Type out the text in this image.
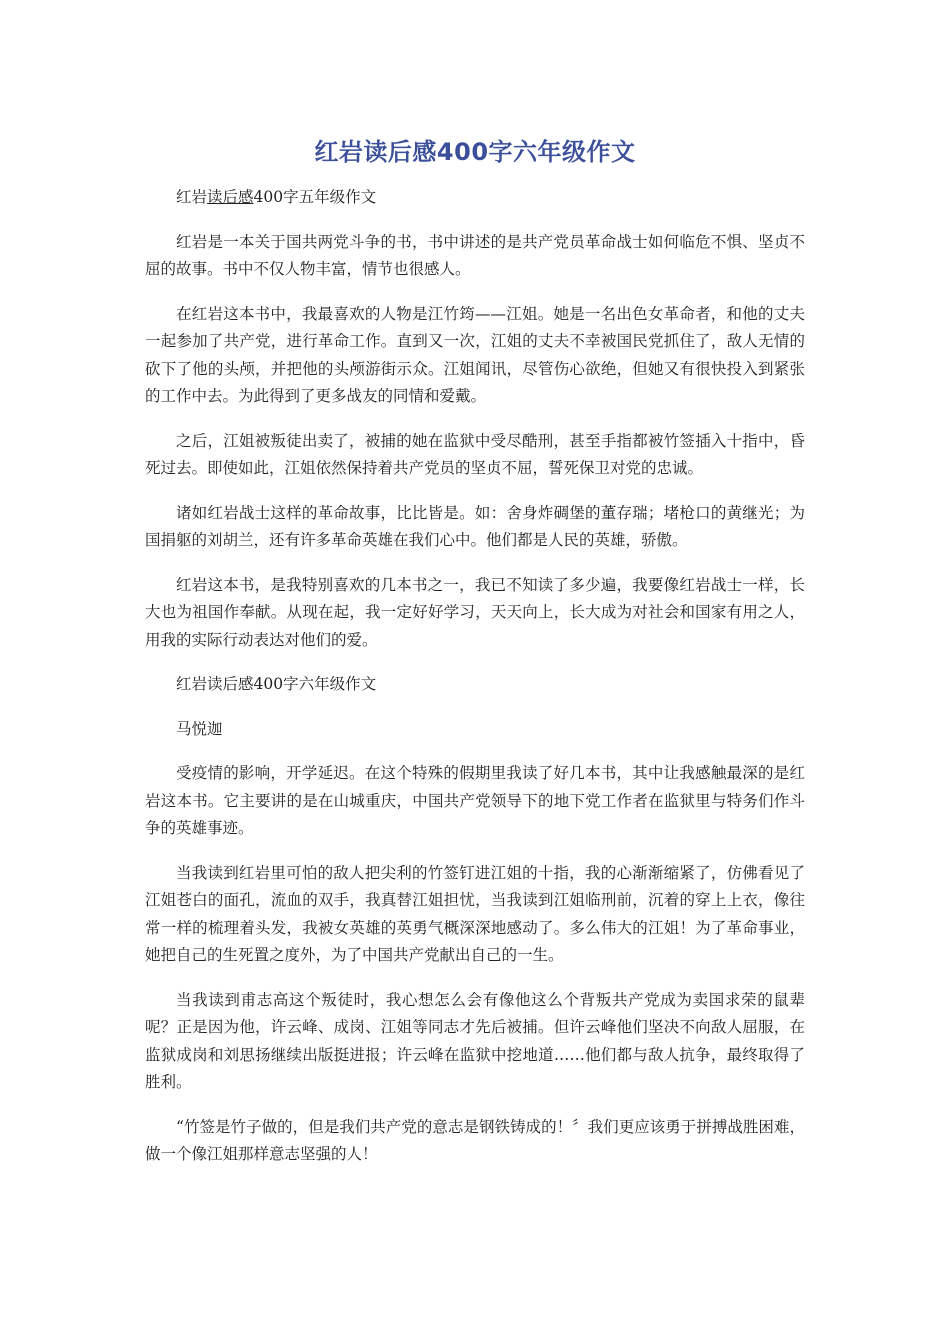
红岩读后感400字六年级作文

红岩读后感400字五年级作文

红岩是一本关于国共两党斗争的书，书中讲述的是共产党员革命战士如何临危不惧、坚贞不屈的故事。书中不仅人物丰富，情节也很感人。

在红岩这本书中，我最喜欢的人物是江竹筠——江姐。她是一名出色女革命者，和他的丈夫一起参加了共产党，进行革命工作。直到又一次，江姐的丈夫不幸被国民党抓住了，敌人无情的砍下了他的头颅，并把他的头颅游街示众。江姐闻讯，尽管伤心欲绝，但她又有很快投入到紧张的工作中去。为此得到了更多战友的同情和爱戴。

之后，江姐被叛徒出卖了，被捕的她在监狱中受尽酷刑，甚至手指都被竹签插入十指中，昏死过去。即使如此，江姐依然保持着共产党员的坚贞不屈，誓死保卫对党的忠诚。

诸如红岩战士这样的革命故事，比比皆是。如：舍身炸碉堡的董存瑞；堵枪口的黄继光；为国捐躯的刘胡兰，还有许多革命英雄在我们心中。他们都是人民的英雄，骄傲。

红岩这本书，是我特别喜欢的几本书之一，我已不知读了多少遍，我要像红岩战士一样，长大也为祖国作奉献。从现在起，我一定好好学习，天天向上，长大成为对社会和国家有用之人，用我的实际行动表达对他们的爱。

红岩读后感400字六年级作文

马悦迦

受疫情的影响，开学延迟。在这个特殊的假期里我读了好几本书，其中让我感触最深的是红岩这本书。它主要讲的是在山城重庆，中国共产党领导下的地下党工作者在监狱里与特务们作斗争的英雄事迹。

当我读到红岩里可怕的敌人把尖利的竹签钉进江姐的十指，我的心渐渐缩紧了，仿佛看见了江姐苍白的面孔，流血的双手，我真替江姐担忧，当我读到江姐临刑前，沉着的穿上上衣，像往常一样的梳理着头发，我被女英雄的英勇气概深深地感动了。多么伟大的江姐！为了革命事业，她把自己的生死置之度外，为了中国共产党献出自己的一生。

当我读到甫志高这个叛徒时，我心想怎么会有像他这么个背叛共产党成为卖国求荣的鼠辈呢？正是因为他，许云峰、成岗、江姐等同志才先后被捕。但许云峰他们坚决不向敌人屈服，在监狱成岗和刘思扬继续出版挺进报；许云峰在监狱中挖地道……他们都与敌人抗争，最终取得了胜利。

“竹签是竹子做的，但是我们共产党的意志是钢铁铸成的！〞我们更应该勇于拼搏战胜困难，做一个像江姐那样意志坚强的人！
